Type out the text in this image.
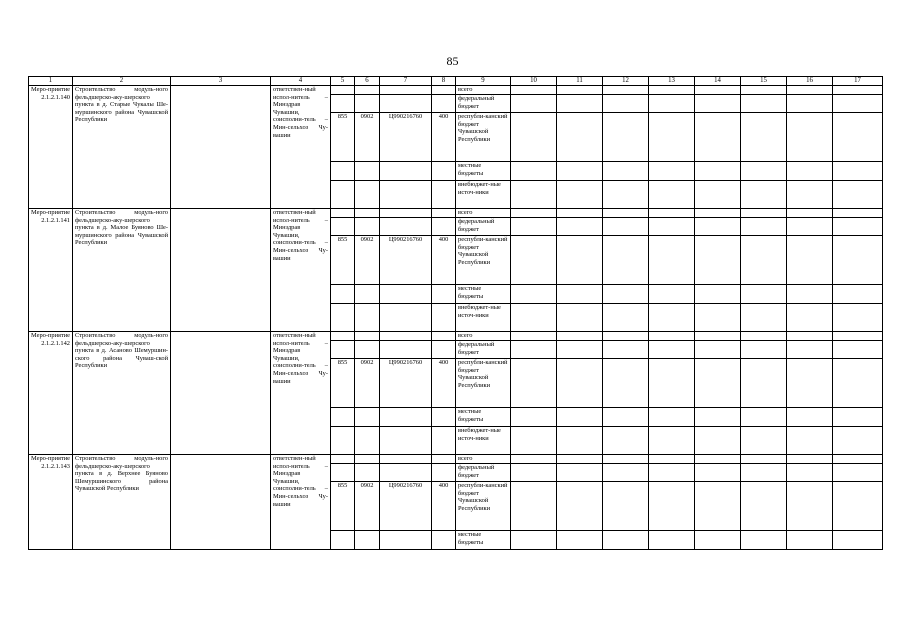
85
1	2	3	4	5	6	7	8	9	10	11	12	13	14	15	16	17
Меро-приятие 2.1.2.1.140	Строительство модуль-ного фельдшерско-аку-шерского пункта в д. Старые Чукалы Ше-муршинского района Чувашской Республики		ответствен-ный испол-нитель – Минздрав Чувашии, соисполни-тель – Мин-сельхоз Чу-вашии					всего								
								федеральный бюджет								
				855	0902	Ц990216760	400	республи-канский бюджет Чувашской Республики								
								местные бюджеты								
								внебюджет-ные источ-ники								
Меро-приятие 2.1.2.1.141	Строительство модуль-ного фельдшерско-аку-шерского пункта в д. Малое Буяново Ше-муршинского района Чувашской Республики		ответствен-ный испол-нитель – Минздрав Чувашии, соисполни-тель – Мин-сельхоз Чу-вашии					всего								
								федеральный бюджет								
				855	0902	Ц990216760	400	республи-канский бюджет Чувашской Республики								
								местные бюджеты								
								внебюджет-ные источ-ники								
Меро-приятие 2.1.2.1.142	Строительство модуль-ного фельдшерско-аку-шерского пункта в д. Асаново Шемуршин-ского района Чуваш-ской Республики		ответствен-ный испол-нитель – Минздрав Чувашии, соисполни-тель – Мин-сельхоз Чу-вашии					всего								
								федеральный бюджет								
				855	0902	Ц990216760	400	республи-канский бюджет Чувашской Республики								
								местные бюджеты								
								внебюджет-ные источ-ники								
Меро-приятие 2.1.2.1.143	Строительство модуль-ного фельдшерско-аку-шерского пункта в д. Верхнее Буяново Шемуршинского района Чувашской Республики		ответствен-ный испол-нитель – Минздрав Чувашии, соисполни-тель – Мин-сельхоз Чу-вашии					всего								
								федеральный бюджет								
				855	0902	Ц990216760	400	республи-канский бюджет Чувашской Республики								
								местные бюджеты								
